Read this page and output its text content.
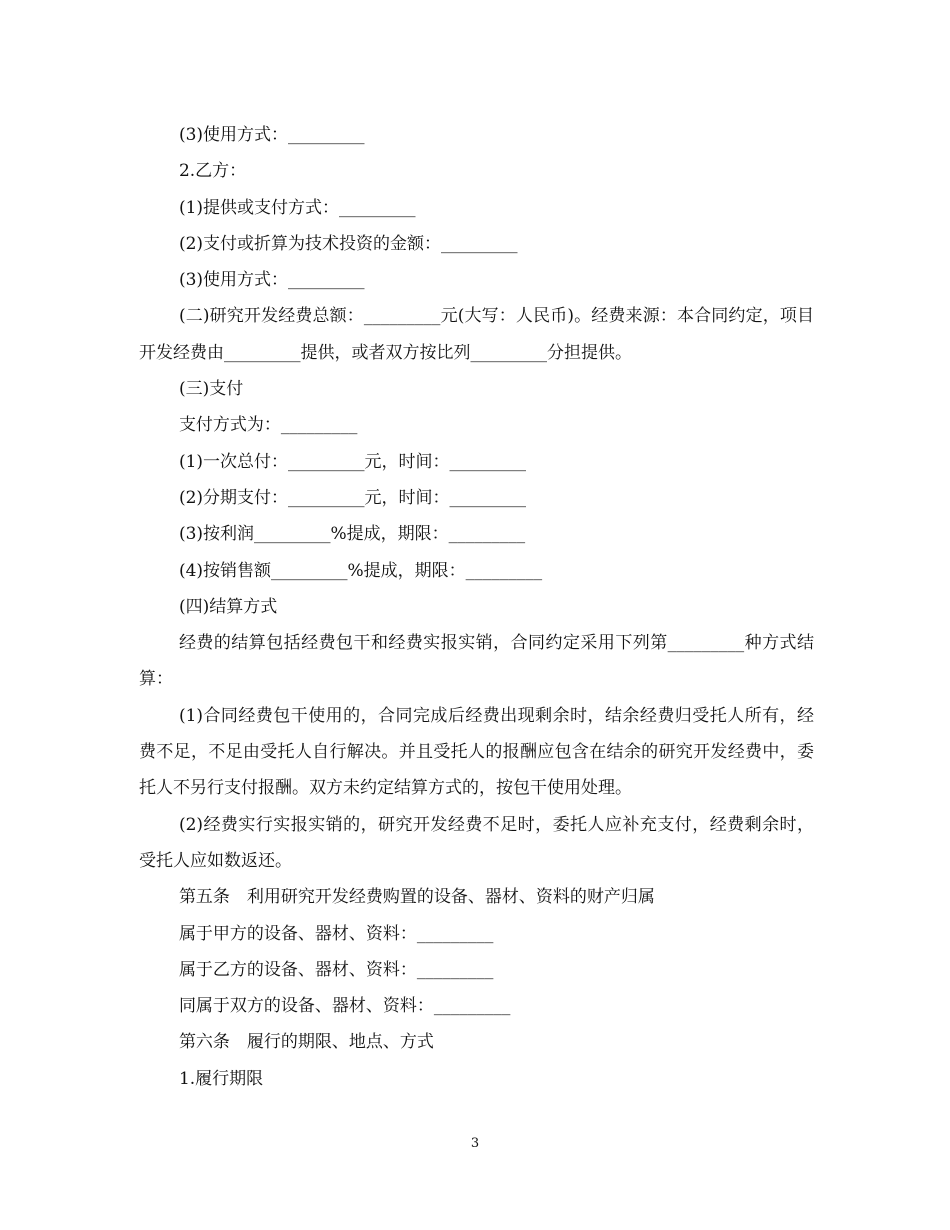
(3)使用方式：_________

2.乙方：

(1)提供或支付方式：_________

(2)支付或折算为技术投资的金额：_________

(3)使用方式：_________

(二)研究开发经费总额：_________元(大写：人民币)。经费来源：本合同约定，项目开发经费由_________提供，或者双方按比列_________分担提供。

(三)支付

支付方式为：_________

(1)一次总付：_________元，时间：_________

(2)分期支付：_________元，时间：_________

(3)按利润_________%提成，期限：_________

(4)按销售额_________%提成，期限：_________

(四)结算方式

经费的结算包括经费包干和经费实报实销，合同约定采用下列第_________种方式结算：

(1)合同经费包干使用的，合同完成后经费出现剩余时，结余经费归受托人所有，经费不足，不足由受托人自行解决。并且受托人的报酬应包含在结余的研究开发经费中，委托人不另行支付报酬。双方未约定结算方式的，按包干使用处理。

(2)经费实行实报实销的，研究开发经费不足时，委托人应补充支付，经费剩余时，受托人应如数返还。

第五条　利用研究开发经费购置的设备、器材、资料的财产归属

属于甲方的设备、器材、资料：_________

属于乙方的设备、器材、资料：_________

同属于双方的设备、器材、资料：_________

第六条　履行的期限、地点、方式

1.履行期限

3
